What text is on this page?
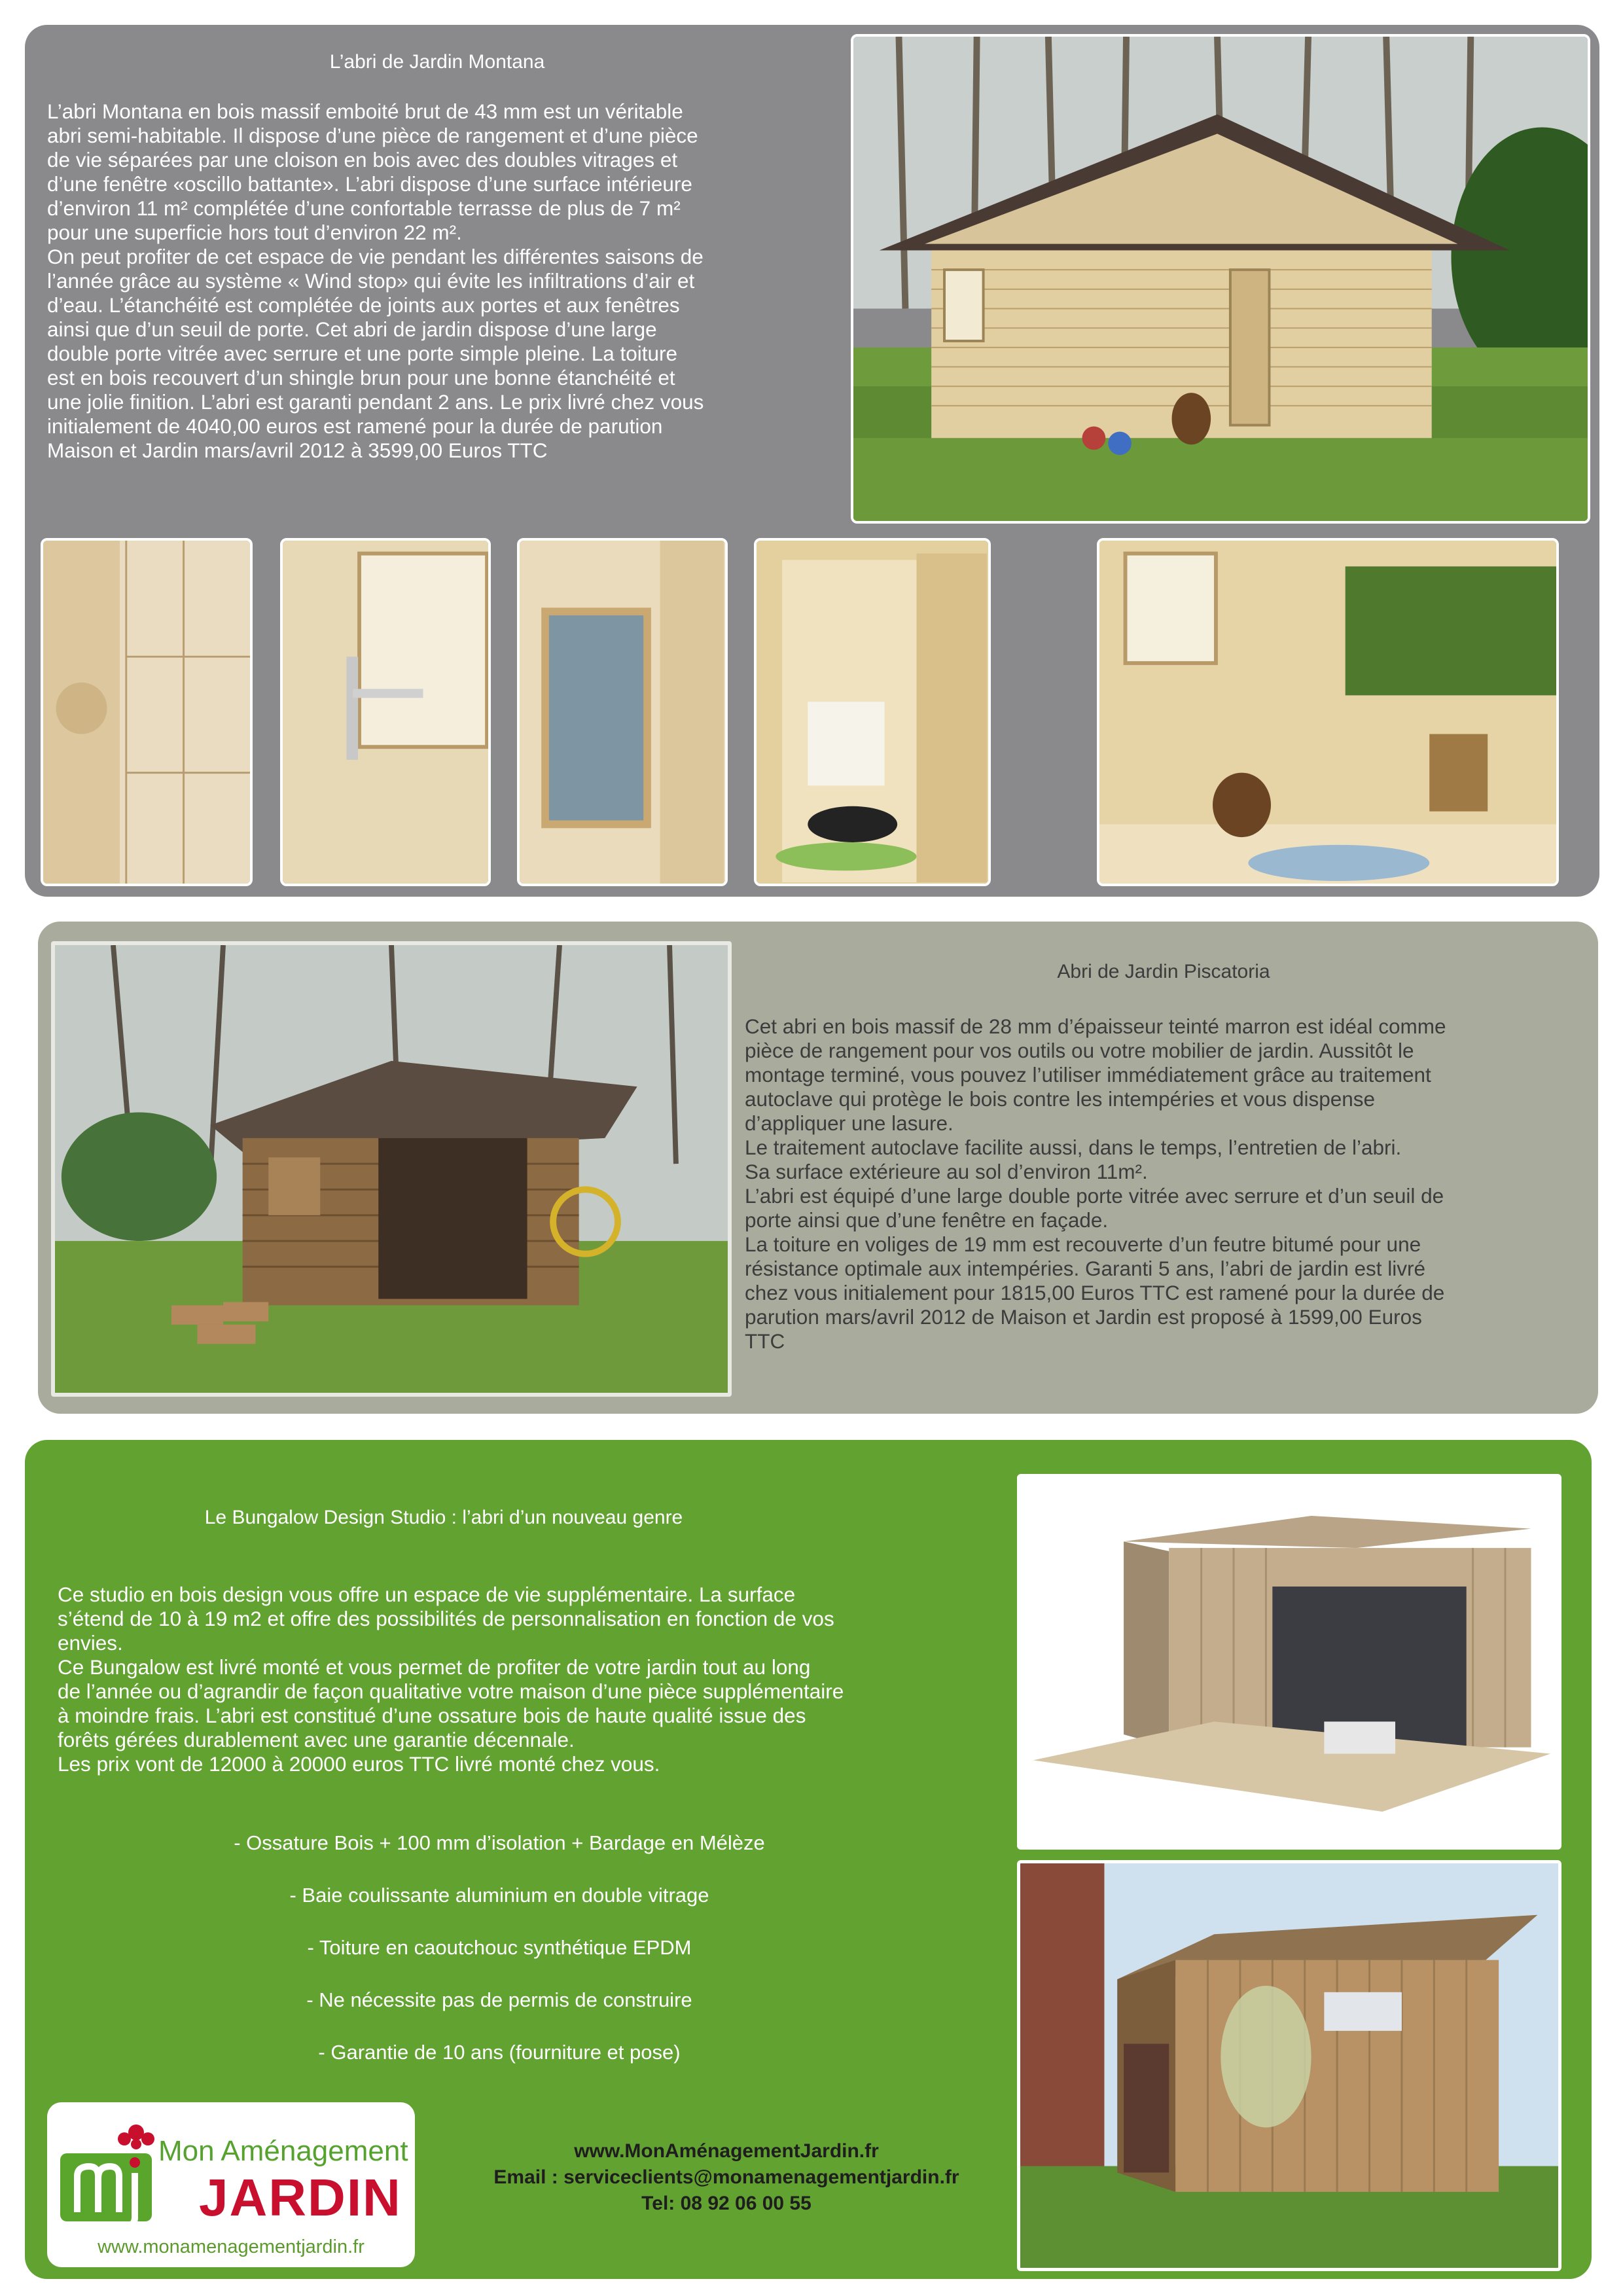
L’abri de Jardin Montana
L’abri Montana en bois massif emboité brut de 43 mm est un véritable
abri semi-habitable. Il dispose d’une pièce de rangement et d’une pièce
de vie séparées par une cloison en bois avec des doubles vitrages et
d’une fenêtre «oscillo battante». L’abri dispose d’une surface intérieure
d’environ 11 m² complétée d’une confortable terrasse de plus de 7 m²
pour une superficie hors tout d’environ 22 m².
On peut profiter de cet espace de vie pendant les différentes saisons de
l’année grâce au système « Wind stop» qui évite les infiltrations d’air et
d’eau. L’étanchéité est complétée de joints aux portes et aux fenêtres
ainsi que d’un seuil de porte. Cet abri de jardin dispose d’une large
double porte vitrée avec serrure et une porte simple pleine. La toiture
est en bois recouvert d’un shingle brun pour une bonne étanchéité et
une jolie finition. L’abri est garanti pendant 2 ans. Le prix livré chez vous
initialement de 4040,00 euros est ramené pour la durée de parution
Maison et Jardin mars/avril 2012 à 3599,00 Euros TTC
Abri de Jardin Piscatoria
Cet abri en bois massif de 28 mm d’épaisseur teinté marron est idéal comme
pièce de rangement pour vos outils ou votre mobilier de jardin. Aussitôt le
montage terminé, vous pouvez l’utiliser immédiatement grâce au traitement
autoclave qui protège le bois contre les intempéries et vous dispense
d’appliquer une lasure.
Le traitement autoclave facilite aussi, dans le temps, l’entretien de l’abri.
Sa surface extérieure au sol d’environ 11m².
L’abri est équipé d’une large double porte vitrée avec serrure et d’un seuil de
porte ainsi que d’une fenêtre en façade.
La toiture en voliges de 19 mm est recouverte d’un feutre bitumé pour une
résistance optimale aux intempéries. Garanti 5 ans, l’abri de jardin est livré
chez vous initialement pour 1815,00 Euros TTC est ramené pour la durée de
parution mars/avril 2012 de Maison et Jardin est proposé à 1599,00 Euros
TTC
Le Bungalow Design Studio : l’abri d’un nouveau genre
Ce studio en bois design vous offre un espace de vie supplémentaire. La surface
s’étend de 10 à 19 m2 et offre des possibilités de personnalisation en fonction de vos
envies.
Ce Bungalow est livré monté et vous permet de profiter de votre jardin tout au long
de l’année ou d’agrandir de façon qualitative votre maison d’une pièce supplémentaire
à moindre frais. L’abri est constitué d’une ossature bois de haute qualité issue des
forêts gérées durablement avec une garantie décennale.
Les prix vont de 12000 à 20000 euros TTC livré monté chez vous.
- Ossature Bois + 100 mm d’isolation + Bardage en Mélèze
- Baie coulissante aluminium en double vitrage
- Toiture en caoutchouc synthétique EPDM
- Ne nécessite pas de permis de construire
- Garantie de 10 ans (fourniture et pose)
Mon Aménagement
JARDIN
www.monamenagementjardin.fr
www.MonAménagementJardin.fr
Email : serviceclients@monamenagementjardin.fr
Tel: 08 92 06 00 55
